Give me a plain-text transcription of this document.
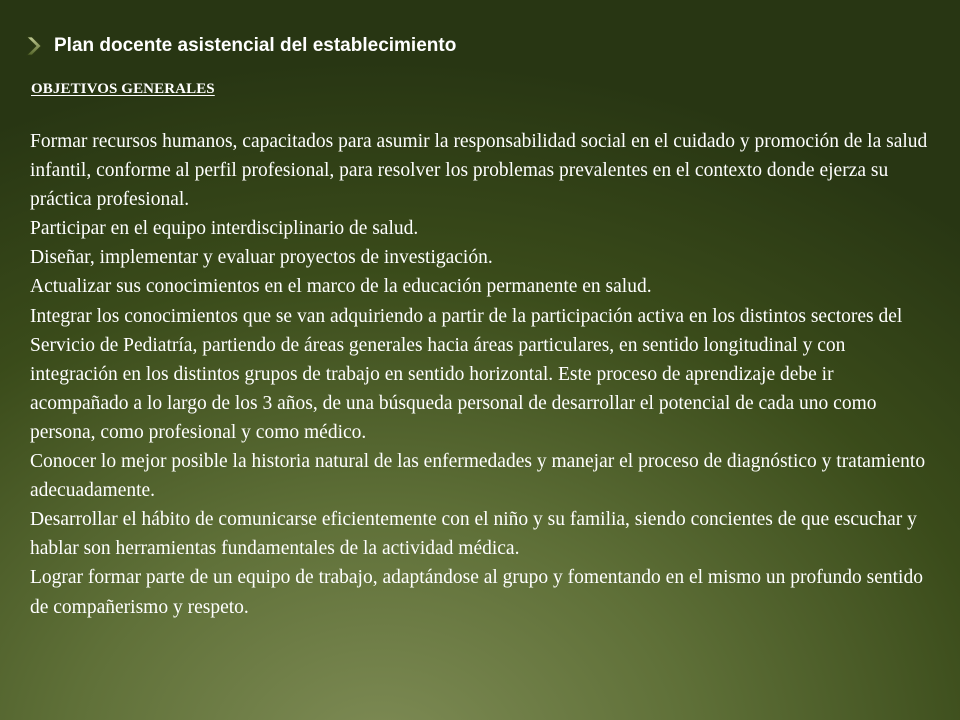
Plan docente asistencial del establecimiento
OBJETIVOS GENERALES
Formar recursos humanos, capacitados para asumir la responsabilidad social en el cuidado y promoción de la salud infantil, conforme al perfil profesional, para resolver los problemas prevalentes en el contexto donde ejerza su práctica profesional.
Participar en el equipo interdisciplinario de salud.
Diseñar, implementar y evaluar proyectos de investigación.
Actualizar sus conocimientos en el marco de la educación permanente en salud.
Integrar los conocimientos que se van adquiriendo a partir de la participación activa en los distintos sectores del Servicio de Pediatría, partiendo de áreas generales hacia áreas particulares, en sentido longitudinal y con integración en los distintos grupos de trabajo en sentido horizontal. Este proceso de aprendizaje debe ir acompañado a lo largo de los 3 años, de una búsqueda personal de desarrollar el potencial de cada uno como persona, como profesional y como médico.
Conocer lo mejor posible la historia natural de las enfermedades y manejar el proceso de diagnóstico y tratamiento adecuadamente.
Desarrollar el hábito de comunicarse eficientemente con el niño y su familia, siendo concientes de que escuchar y hablar son herramientas fundamentales de la actividad médica.
Lograr formar parte de un equipo de trabajo, adaptándose al grupo y fomentando en el mismo un profundo sentido de compañerismo y respeto.
